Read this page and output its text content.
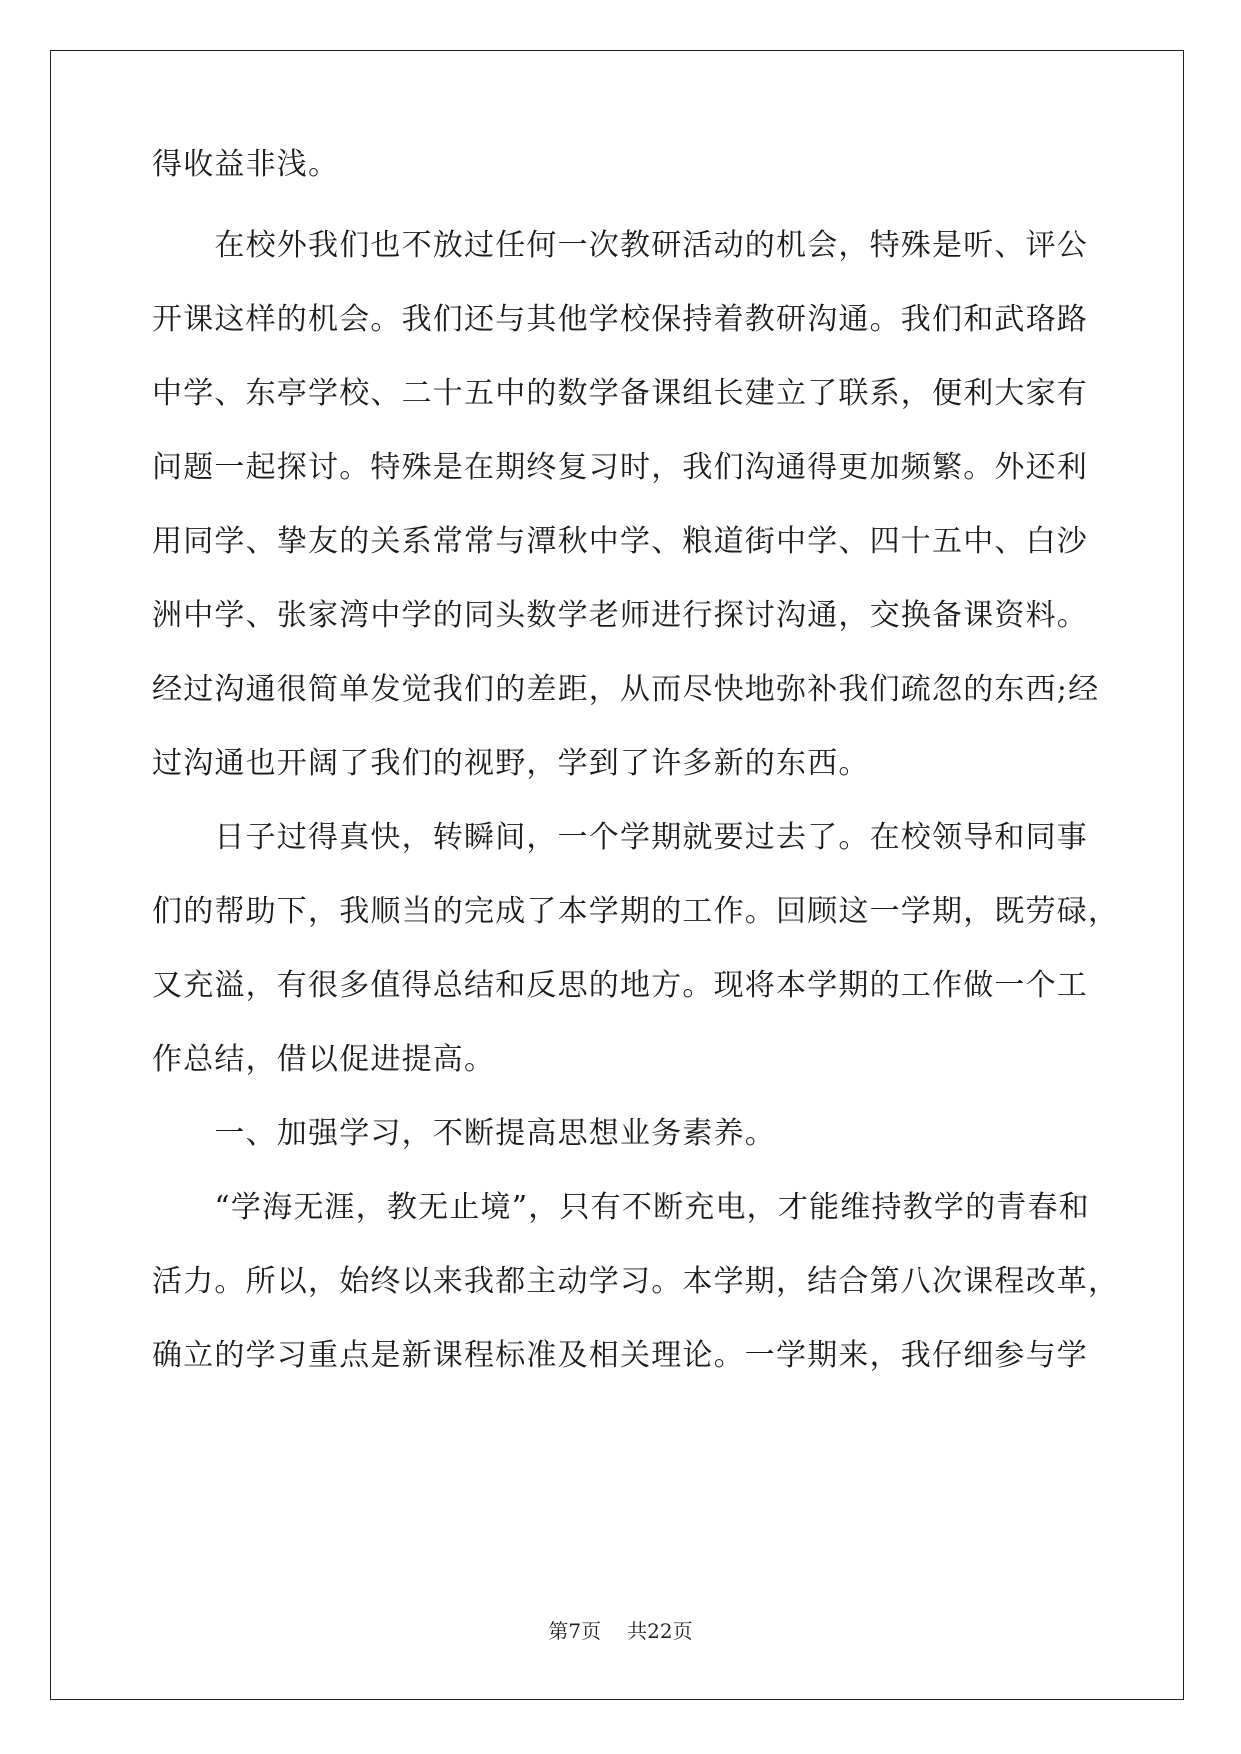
得收益非浅。
　　在校外我们也不放过任何一次教研活动的机会，特殊是听、评公
开课这样的机会。我们还与其他学校保持着教研沟通。我们和武珞路
中学、东亭学校、二十五中的数学备课组长建立了联系，便利大家有
问题一起探讨。特殊是在期终复习时，我们沟通得更加频繁。外还利
用同学、挚友的关系常常与潭秋中学、粮道街中学、四十五中、白沙
洲中学、张家湾中学的同头数学老师进行探讨沟通，交换备课资料。
经过沟通很简单发觉我们的差距，从而尽快地弥补我们疏忽的东西;经
过沟通也开阔了我们的视野，学到了许多新的东西。
　　日子过得真快，转瞬间，一个学期就要过去了。在校领导和同事
们的帮助下，我顺当的完成了本学期的工作。回顾这一学期，既劳碌，
又充溢，有很多值得总结和反思的地方。现将本学期的工作做一个工
作总结，借以促进提高。
　　一、加强学习，不断提高思想业务素养。
　　“学海无涯，教无止境”，只有不断充电，才能维持教学的青春和
活力。所以，始终以来我都主动学习。本学期，结合第八次课程改革，
确立的学习重点是新课程标准及相关理论。一学期来，我仔细参与学
第7页 共22页
